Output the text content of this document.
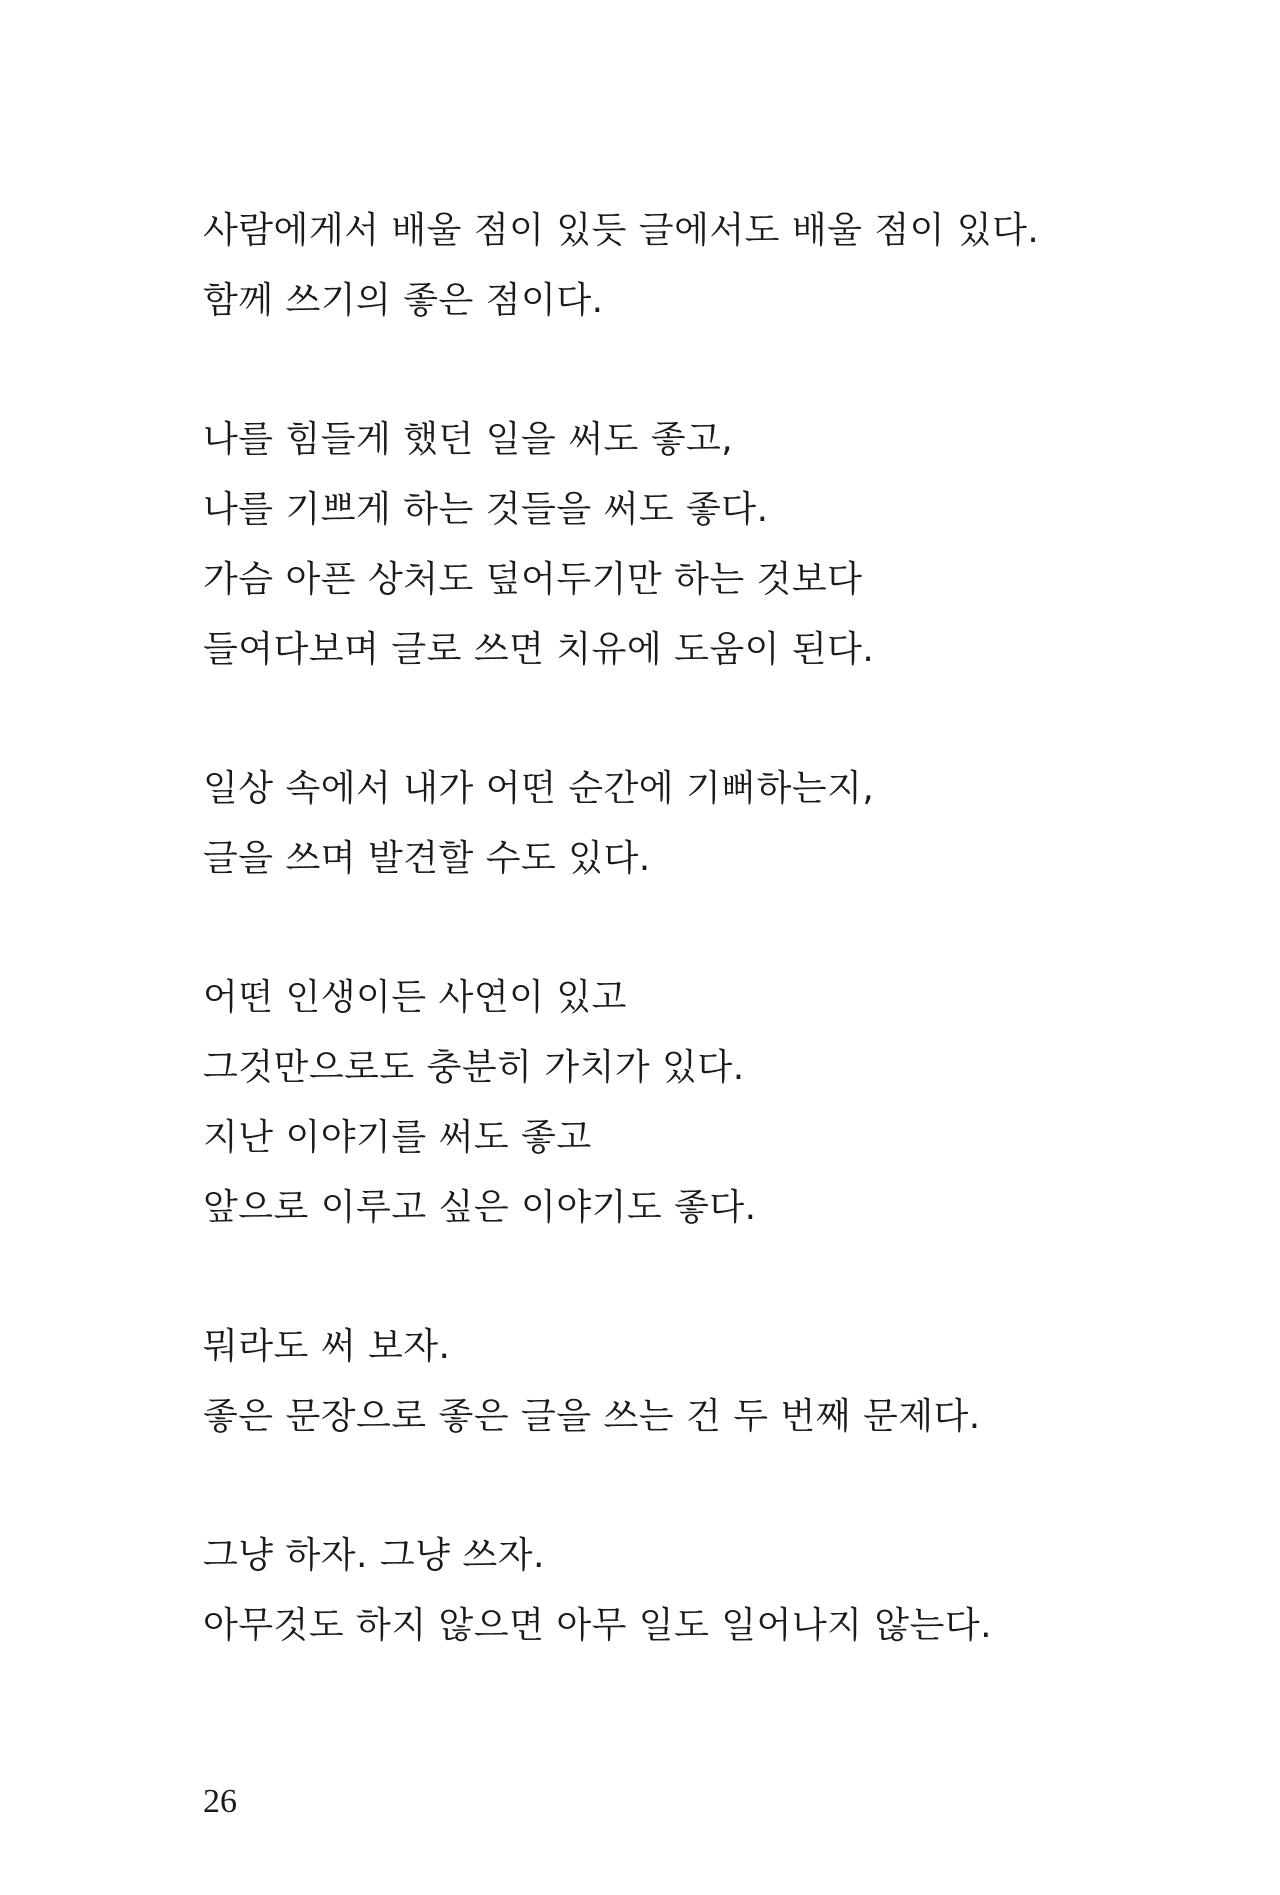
사람에게서 배울 점이 있듯 글에서도 배울 점이 있다.
함께 쓰기의 좋은 점이다.
나를 힘들게 했던 일을 써도 좋고,
나를 기쁘게 하는 것들을 써도 좋다.
가슴 아픈 상처도 덮어두기만 하는 것보다
들여다보며 글로 쓰면 치유에 도움이 된다.
일상 속에서 내가 어떤 순간에 기뻐하는지,
글을 쓰며 발견할 수도 있다.
어떤 인생이든 사연이 있고
그것만으로도 충분히 가치가 있다.
지난 이야기를 써도 좋고
앞으로 이루고 싶은 이야기도 좋다.
뭐라도 써 보자.
좋은 문장으로 좋은 글을 쓰는 건 두 번째 문제다.
그냥 하자. 그냥 쓰자.
아무것도 하지 않으면 아무 일도 일어나지 않는다.
26
